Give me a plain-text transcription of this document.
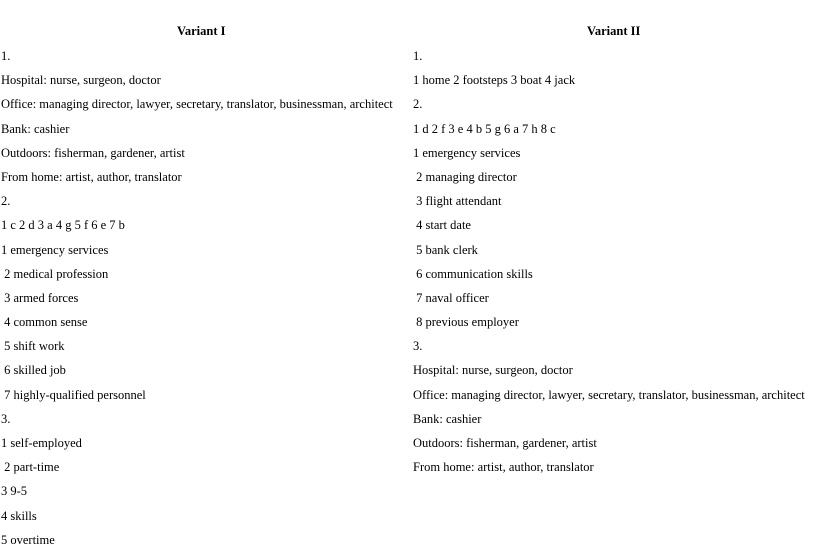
Variant I
1.
Hospital: nurse, surgeon, doctor
Office: managing director, lawyer, secretary, translator, businessman, architect
Bank: cashier
Outdoors: fisherman, gardener, artist
From home: artist, author, translator
2.
1 c 2 d 3 a 4 g 5 f 6 e 7 b
1 emergency services
2 medical profession
3 armed forces
4 common sense
5 shift work
6 skilled job
7 highly-qualified personnel
3.
1 self-employed
2 part-time
3 9-5
4 skills
5 overtime
Variant II
1.
1 home 2 footsteps 3 boat 4 jack
2.
1 d 2 f 3 e 4 b 5 g 6 a 7 h 8 c
1 emergency services
2 managing director
3 flight attendant
4 start date
5 bank clerk
6 communication skills
7 naval officer
8 previous employer
3.
Hospital: nurse, surgeon, doctor
Office: managing director, lawyer, secretary, translator, businessman, architect
Bank: cashier
Outdoors: fisherman, gardener, artist
From home: artist, author, translator
